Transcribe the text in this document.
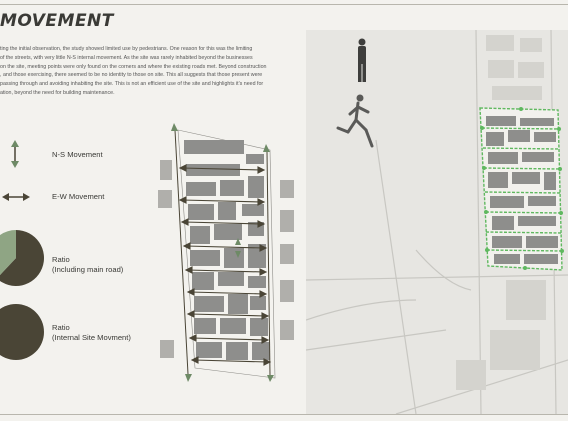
MOVEMENT
ting the initial observation, the study showed limited use by pedestrians. One reason for this was the limiting
of the streets, with very little N-S internal movement. As the site was rarely inhabited beyond the businesses
on the site, meeting points were only found on the corners and where the existing roads met. Beyond construction
, and those exercising, there seemed to be no identity to those on site. This all suggests that those present were
passing through and avoiding inhabiting the site. This is not an efficient use of the site and highlights it's need for
ation, beyond the need for building maintenance.
N-S Movement
E-W Movement
Ratio
(Including main road)
Ratio
(Internal Site Movment)
